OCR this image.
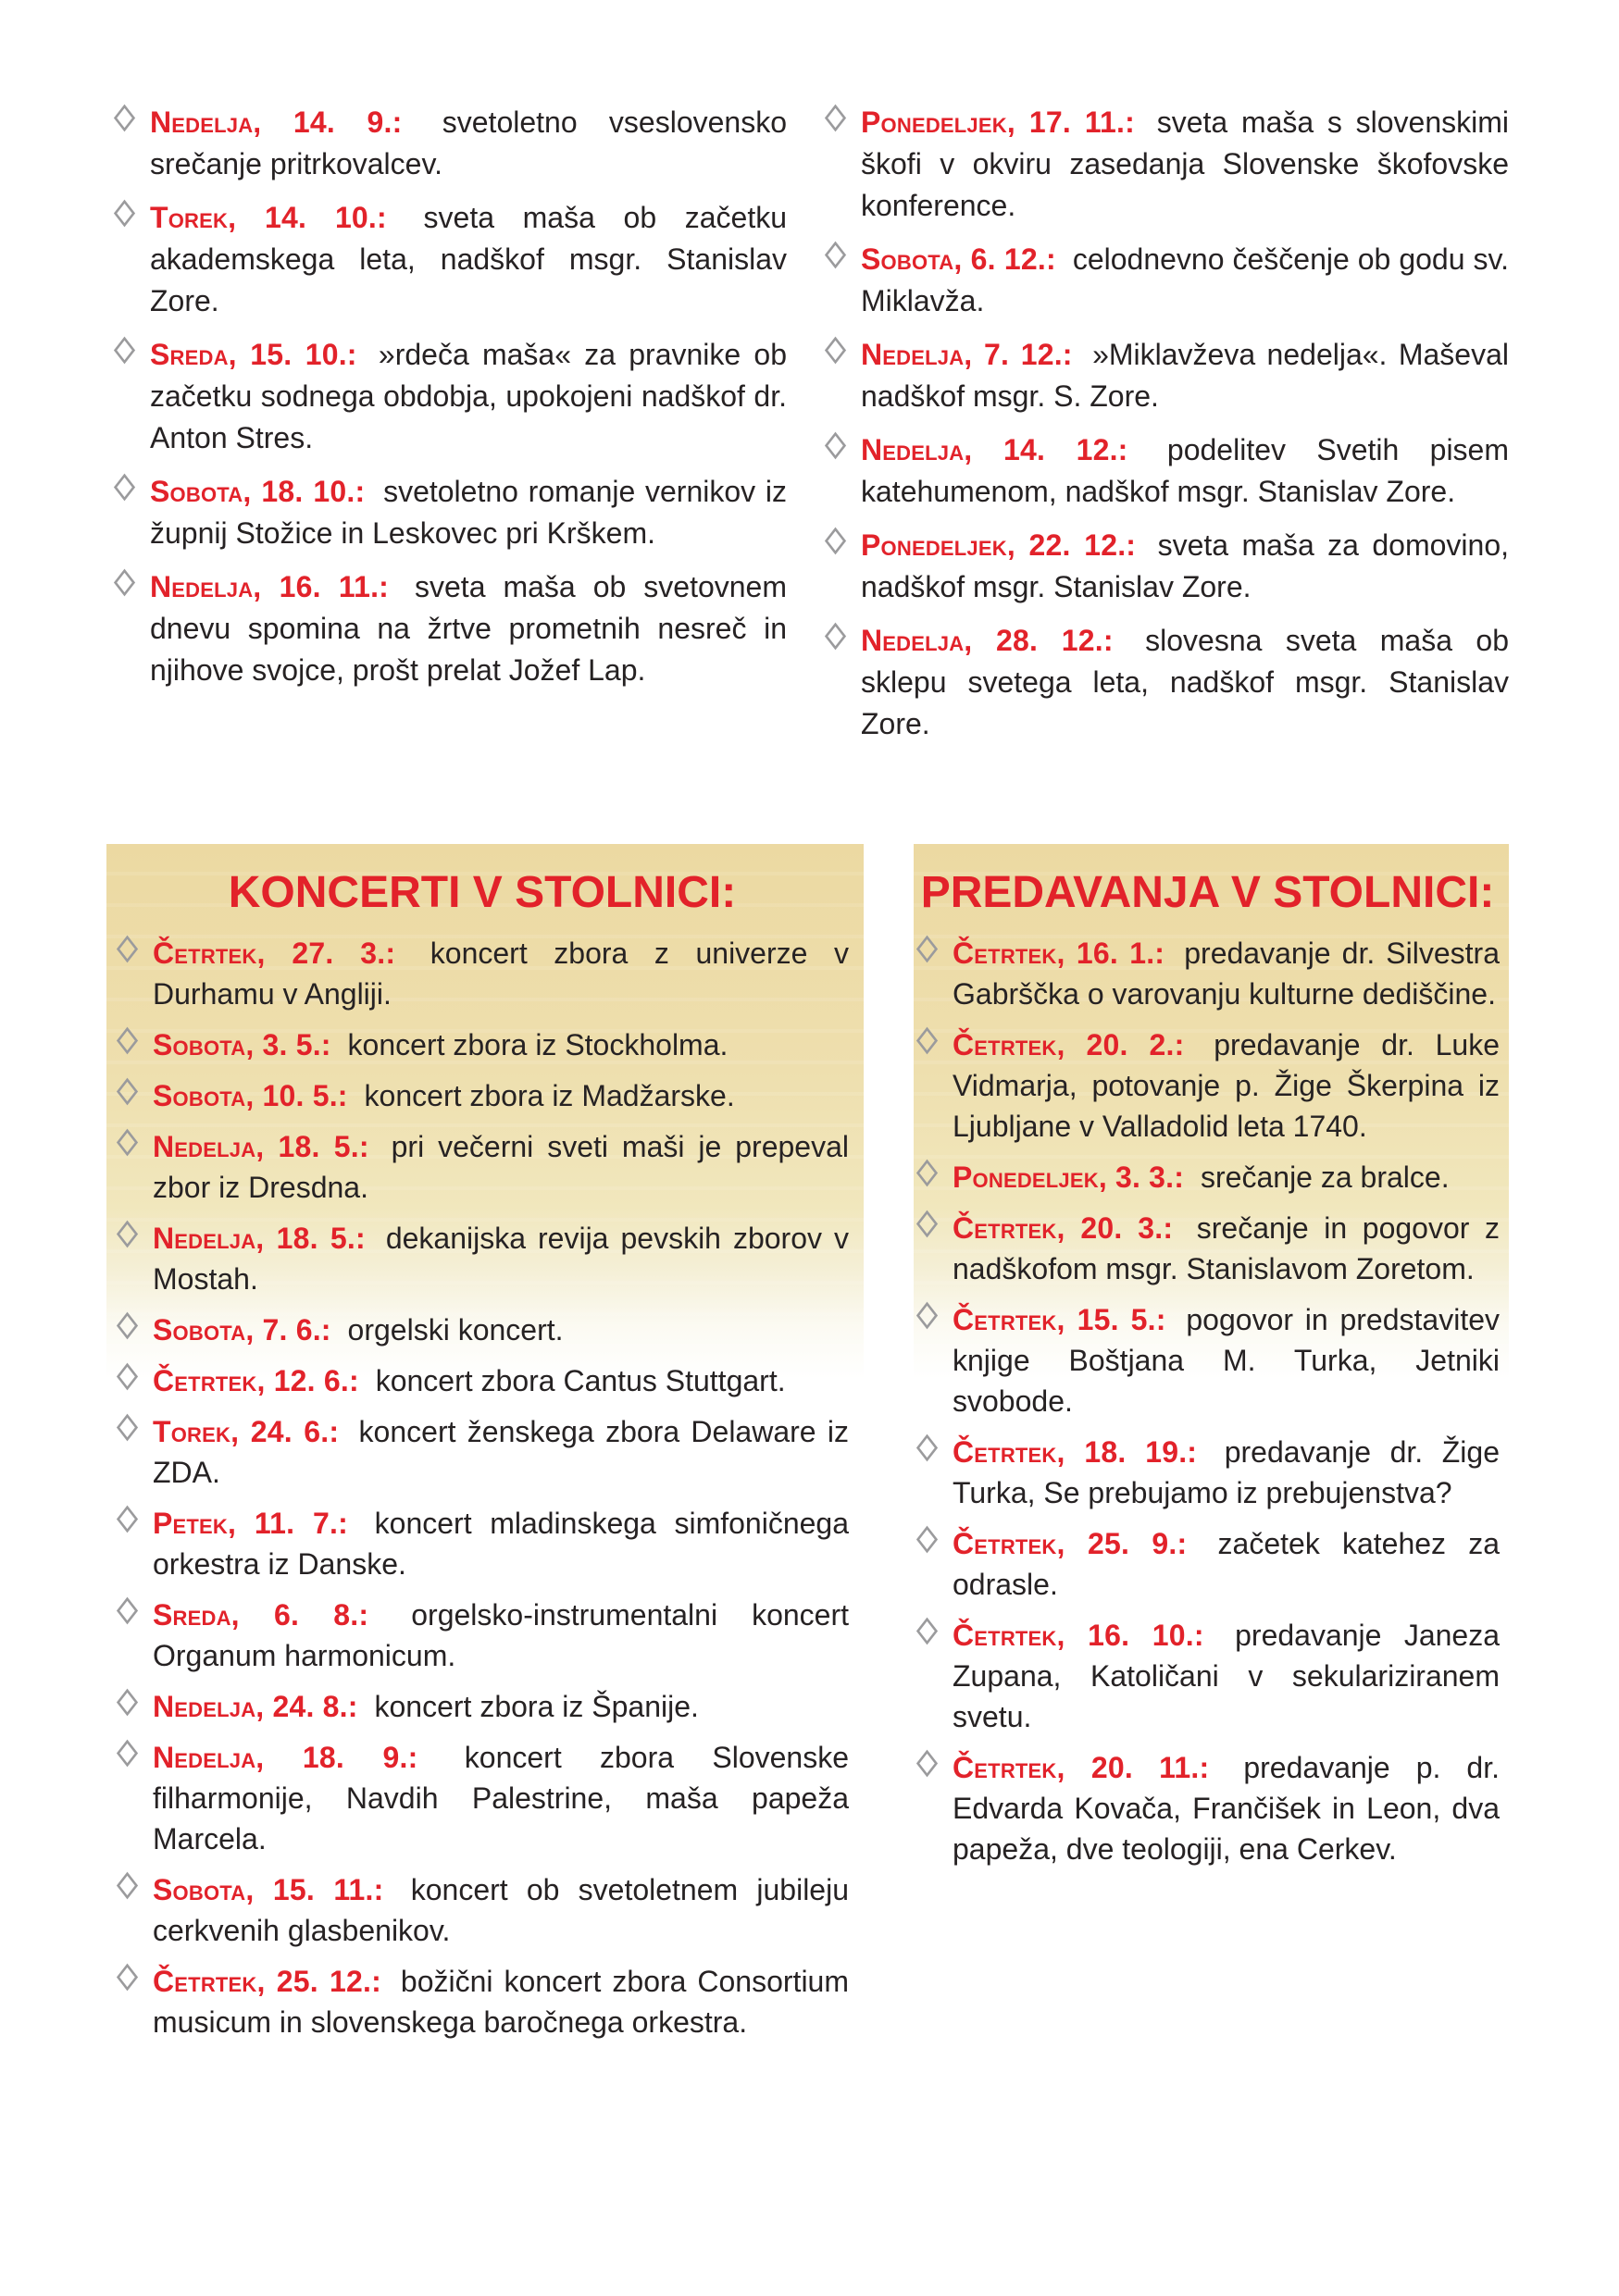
Nedelja, 14. 9.: svetoletno vseslovensko srečanje pritrkovalcev.
Torek, 14. 10.: sveta maša ob začetku akademskega leta, nadškof msgr. Stanislav Zore.
Sreda, 15. 10.: »rdeča maša« za pravnike ob začetku sodnega obdobja, upokojeni nadškof dr. Anton Stres.
Sobota, 18. 10.: svetoletno romanje vernikov iz župnij Stožice in Leskovec pri Krškem.
Nedelja, 16. 11.: sveta maša ob svetovnem dnevu spomina na žrtve prometnih nesreč in njihove svojce, prošt prelat Jožef Lap.
Ponedeljek, 17. 11.: sveta maša s slovenskimi škofi v okviru zasedanja Slovenske škofovske konference.
Sobota, 6. 12.: celodnevno češčenje ob godu sv. Miklavža.
Nedelja, 7. 12.: »Miklavževa nedelja«. Maševal nadškof msgr. S. Zore.
Nedelja, 14. 12.: podelitev Svetih pisem katehumenom, nadškof msgr. Stanislav Zore.
Ponedeljek, 22. 12.: sveta maša za domovino, nadškof msgr. Stanislav Zore.
Nedelja, 28. 12.: slovesna sveta maša ob sklepu svetega leta, nadškof msgr. Stanislav Zore.
KONCERTI V STOLNICI:
Četrtek, 27. 3.: koncert zbora z univerze v Durhamu v Angliji.
Sobota, 3. 5.: koncert zbora iz Stockholma.
Sobota, 10. 5.: koncert zbora iz Madžarske.
Nedelja, 18. 5.: pri večerni sveti maši je prepeval zbor iz Dresdna.
Nedelja, 18. 5.: dekanijska revija pevskih zborov v Mostah.
Sobota, 7. 6.: orgelski koncert.
Četrtek, 12. 6.: koncert zbora Cantus Stuttgart.
Torek, 24. 6.: koncert ženskega zbora Delaware iz ZDA.
Petek, 11. 7.: koncert mladinskega simfoničnega orkestra iz Danske.
Sreda, 6. 8.: orgelsko-instrumentalni koncert Organum harmonicum.
Nedelja, 24. 8.: koncert zbora iz Španije.
Nedelja, 18. 9.: koncert zbora Slovenske filharmonije, Navdih Palestrine, maša papeža Marcela.
Sobota, 15. 11.: koncert ob svetoletnem jubileju cerkvenih glasbenikov.
Četrtek, 25. 12.: božični koncert zbora Consortium musicum in slovenskega baročnega orkestra.
PREDAVANJA V STOLNICI:
Četrtek, 16. 1.: predavanje dr. Silvestra Gabrščka o varovanju kulturne dediščine.
Četrtek, 20. 2.: predavanje dr. Luke Vidmarja, potovanje p. Žige Škerpina iz Ljubljane v Valladolid leta 1740.
Ponedeljek, 3. 3.: srečanje za bralce.
Četrtek, 20. 3.: srečanje in pogovor z nadškofom msgr. Stanislavom Zoretom.
Četrtek, 15. 5.: pogovor in predstavitev knjige Boštjana M. Turka, Jetniki svobode.
Četrtek, 18. 19.: predavanje dr. Žige Turka, Se prebujamo iz prebujenstva?
Četrtek, 25. 9.: začetek katehez za odrasle.
Četrtek, 16. 10.: predavanje Janeza Zupana, Katoličani v sekulariziranem svetu.
Četrtek, 20. 11.: predavanje p. dr. Edvarda Kovača, Frančišek in Leon, dva papeža, dve teologiji, ena Cerkev.
